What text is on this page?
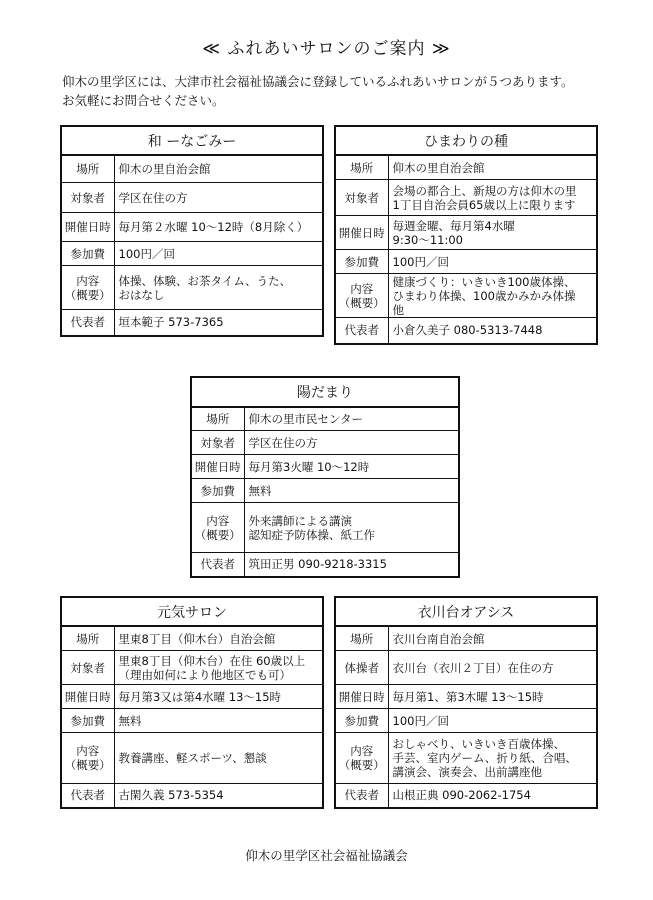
≪ ふれあいサロンのご案内 ≫
仰木の里学区には、大津市社会福祉協議会に登録しているふれあいサロンが５つあります。
お気軽にお問合せください。
和 ーなごみー
場所	仰木の里自治会館

対象者	学区在住の方

開催日時	毎月第２水曜 10〜12時（8月除く）

参加費	100円／回

内容
（概要）	体操、体験、お茶タイム、うた、
おはなし

代表者	垣本範子 573-7365
ひまわりの種
場所	仰木の里自治会館

対象者	会場の都合上、新規の方は仰木の里
1丁目自治会員65歳以上に限ります

開催日時	毎週金曜、毎月第4水曜
9:30〜11:00

参加費	100円／回

内容
（概要）	健康づくり：いきいき100歳体操、
ひまわり体操、100歳かみかみ体操
他

代表者	小倉久美子 080-5313-7448
陽だまり
場所	仰木の里市民センター

対象者	学区在住の方

開催日時	毎月第3火曜 10〜12時

参加費	無料

内容
（概要）	外来講師による講演
認知症予防体操、紙工作

代表者	筑田正男 090-9218-3315
元気サロン
場所	里東8丁目（仰木台）自治会館

対象者	里東8丁目（仰木台）在住 60歳以上
（理由如何により他地区でも可）

開催日時	毎月第3又は第4水曜 13〜15時

参加費	無料

内容
（概要）	教養講座、軽スポーツ、懇談

代表者	古閑久義 573-5354
衣川台オアシス
場所	衣川台南自治会館

体操者	衣川台（衣川２丁目）在住の方

開催日時	毎月第1、第3木曜 13〜15時

参加費	100円／回

内容
（概要）	おしゃべり、いきいき百歳体操、
手芸、室内ゲーム、折り紙、合唱、
講演会、演奏会、出前講座他

代表者	山根正典 090-2062-1754
仰木の里学区社会福祉協議会
